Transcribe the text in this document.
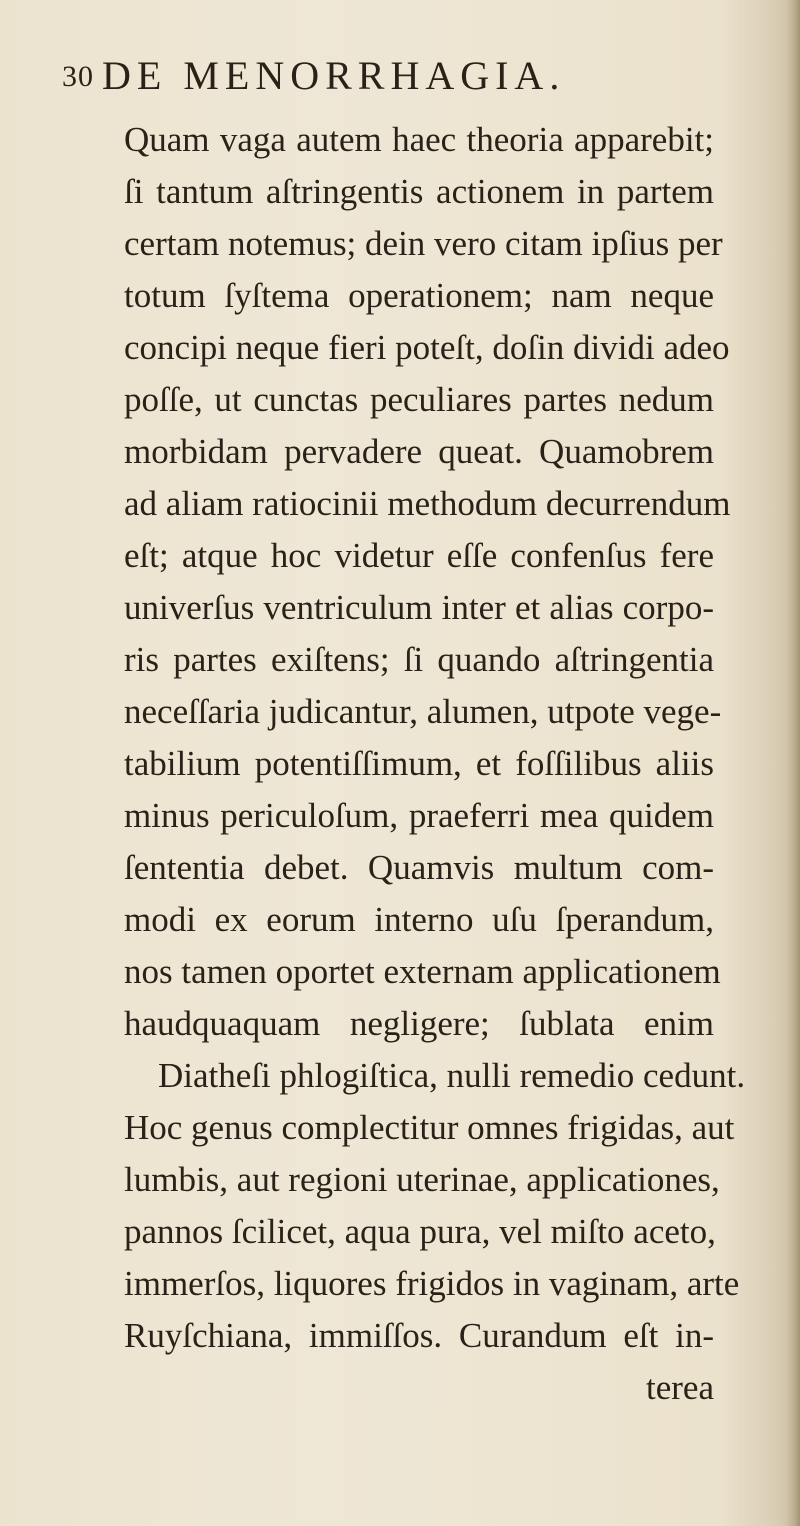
30 DE MENORRHAGIA.
Quam vaga autem haec theoria apparebit;
ſi tantum aſtringentis actionem in partem
certam notemus; dein vero citam ipſius per
totum ſyſtema operationem; nam neque
concipi neque fieri poteſt, doſin dividi adeo
poſſe, ut cunctas peculiares partes nedum
morbidam pervadere queat. Quamobrem
ad aliam ratiocinii methodum decurrendum
eſt; atque hoc videtur eſſe confenſus fere
univerſus ventriculum inter et alias corpo-
ris partes exiſtens; ſi quando aſtringentia
neceſſaria judicantur, alumen, utpote vege-
tabilium potentiſſimum, et foſſilibus aliis
minus periculoſum, praeferri mea quidem
ſententia debet. Quamvis multum com-
modi ex eorum interno uſu ſperandum,
nos tamen oportet externam applicationem
haudquaquam negligere; ſublata enim
Diatheſi phlogiſtica, nulli remedio cedunt.
Hoc genus complectitur omnes frigidas, aut
lumbis, aut regioni uterinae, applicationes,
pannos ſcilicet, aqua pura, vel miſto aceto,
immerſos, liquores frigidos in vaginam, arte
Ruyſchiana, immiſſos. Curandum eſt in-
terea
